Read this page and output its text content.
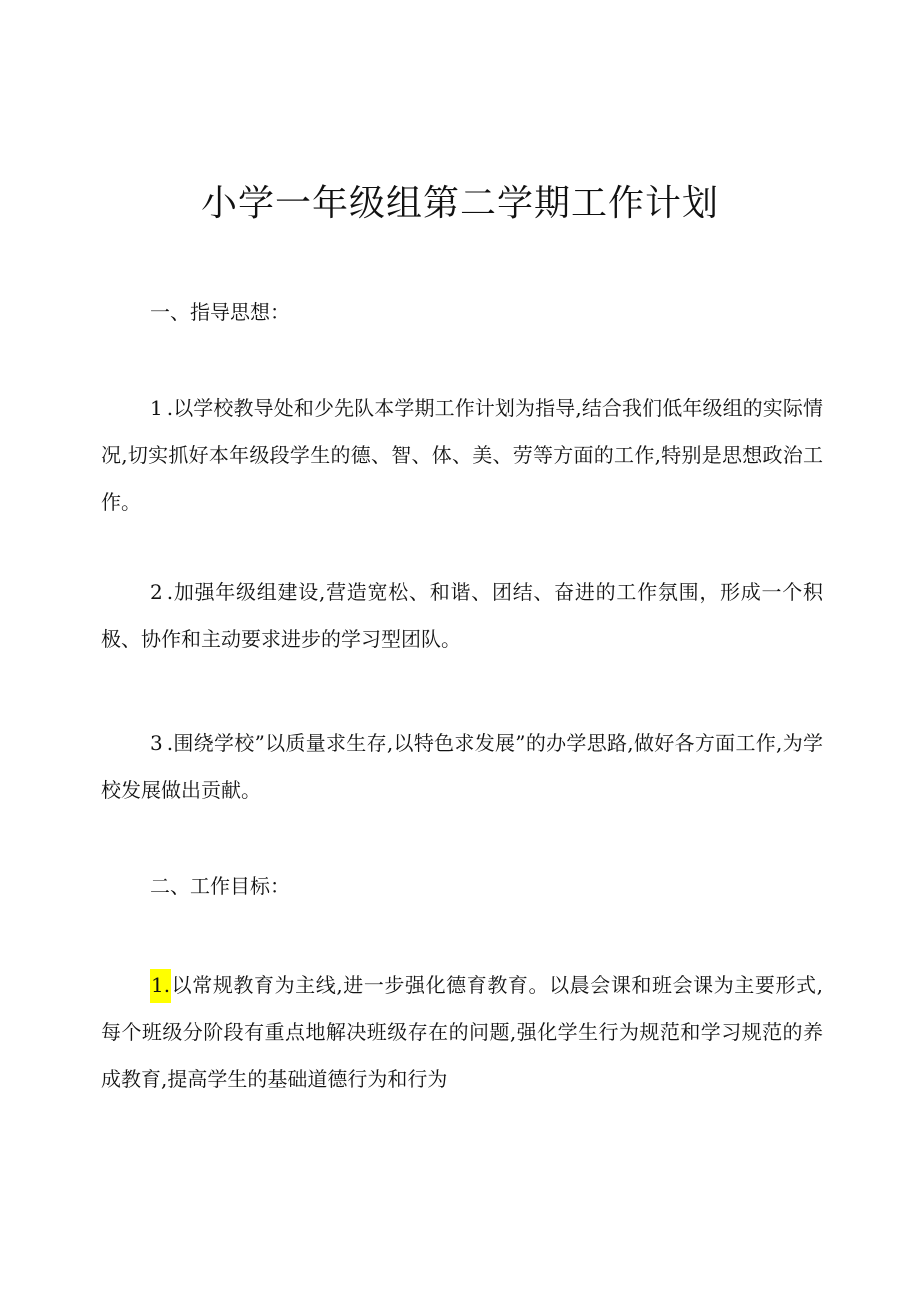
小学一年级组第二学期工作计划

一、指导思想：

1 .以学校教导处和少先队本学期工作计划为指导,结合我们低年级组的实际情况,切实抓好本年级段学生的德、智、体、美、劳等方面的工作,特别是思想政治工作。

2 .加强年级组建设,营造宽松、和谐、团结、奋进的工作氛围，形成一个积极、协作和主动要求进步的学习型团队。

3 .围绕学校”以质量求生存,以特色求发展”的办学思路,做好各方面工作,为学校发展做出贡献。

二、工作目标：

1.以常规教育为主线,进一步强化德育教育。以晨会课和班会课为主要形式,每个班级分阶段有重点地解决班级存在的问题,强化学生行为规范和学习规范的养成教育,提高学生的基础道德行为和行为
